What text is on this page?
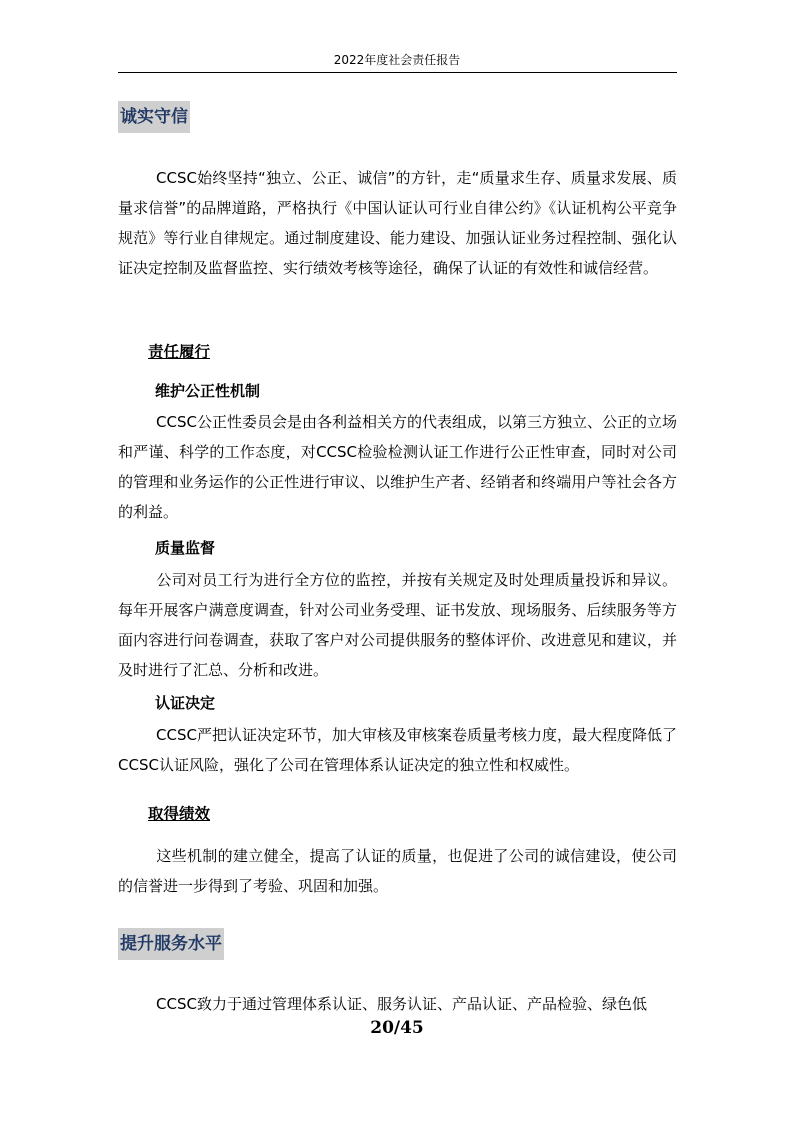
2022年度社会责任报告
诚实守信

CCSC始终坚持“独立、公正、诚信”的方针，走“质量求生存、质量求发展、质量求信誉”的品牌道路，严格执行《中国认证认可行业自律公约》《认证机构公平竞争规范》等行业自律规定。通过制度建设、能力建设、加强认证业务过程控制、强化认证决定控制及监督监控、实行绩效考核等途径，确保了认证的有效性和诚信经营。

责任履行
维护公正性机制

CCSC公正性委员会是由各利益相关方的代表组成，以第三方独立、公正的立场和严谨、科学的工作态度，对CCSC检验检测认证工作进行公正性审查，同时对公司的管理和业务运作的公正性进行审议、以维护生产者、经销者和终端用户等社会各方的利益。

质量监督

公司对员工行为进行全方位的监控，并按有关规定及时处理质量投诉和异议。每年开展客户满意度调查，针对公司业务受理、证书发放、现场服务、后续服务等方面内容进行问卷调查，获取了客户对公司提供服务的整体评价、改进意见和建议，并及时进行了汇总、分析和改进。

认证决定

CCSC严把认证决定环节，加大审核及审核案卷质量考核力度，最大程度降低了CCSC认证风险，强化了公司在管理体系认证决定的独立性和权威性。

取得绩效

这些机制的建立健全，提高了认证的质量，也促进了公司的诚信建设，使公司的信誉进一步得到了考验、巩固和加强。

提升服务水平

CCSC致力于通过管理体系认证、服务认证、产品认证、产品检验、绿色低

20/45
